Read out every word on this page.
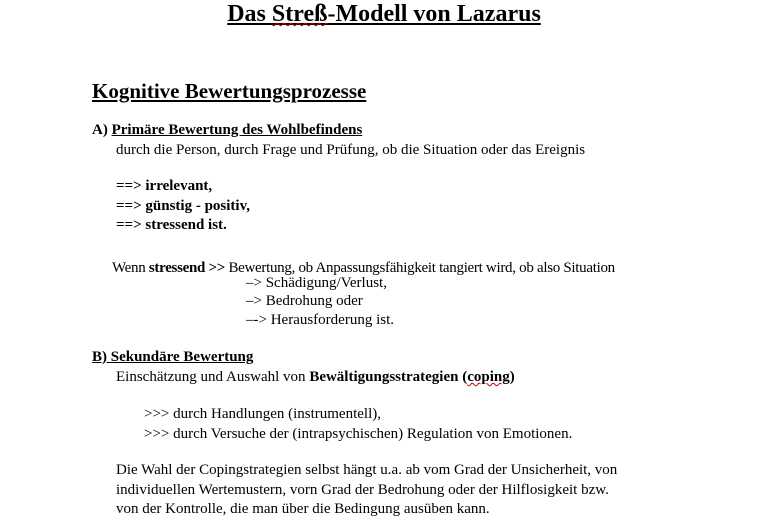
Das Streß-Modell von Lazarus
Kognitive Bewertungsprozesse
A) Primäre Bewertung des Wohlbefindens
durch die Person, durch Frage und Prüfung, ob die Situation oder das Ereignis
==> irrelevant,
==> günstig - positiv,
==> stressend ist.
Wenn stressend >> Bewertung, ob Anpassungsfähigkeit tangiert wird, ob also Situation
–> Schädigung/Verlust,
–> Bedrohung oder
–-> Herausforderung ist.
B) Sekundäre Bewertung
Einschätzung und Auswahl von Bewältigungsstrategien (coping)
>>> durch Handlungen (instrumentell),
>>> durch Versuche der (intrapsychischen) Regulation von Emotionen.
Die Wahl der Copingstrategien selbst hängt u.a. ab vom Grad der Unsicherheit, von
individuellen Wertemustern, vorn Grad der Bedrohung oder der Hilflosigkeit bzw.
von der Kontrolle, die man über die Bedingung ausüben kann.
